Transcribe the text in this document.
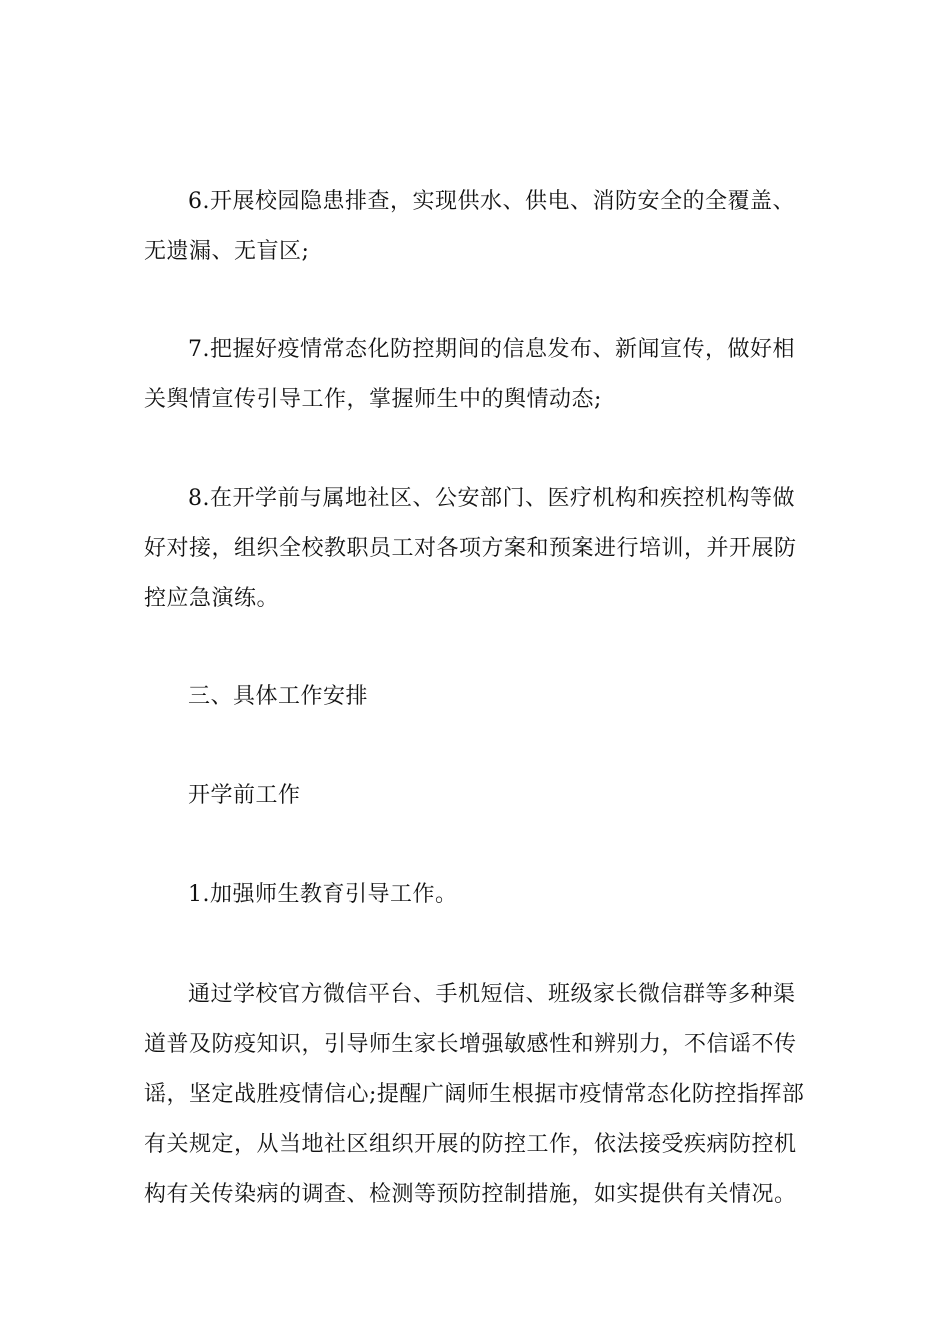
6.开展校园隐患排查，实现供水、供电、消防安全的全覆盖、
无遗漏、无盲区;

7.把握好疫情常态化防控期间的信息发布、新闻宣传，做好相
关舆情宣传引导工作，掌握师生中的舆情动态;

8.在开学前与属地社区、公安部门、医疗机构和疾控机构等做
好对接，组织全校教职员工对各项方案和预案进行培训，并开展防
控应急演练。

三、具体工作安排

开学前工作

1.加强师生教育引导工作。

通过学校官方微信平台、手机短信、班级家长微信群等多种渠
道普及防疫知识，引导师生家长增强敏感性和辨别力，不信谣不传
谣，坚定战胜疫情信心;提醒广阔师生根据市疫情常态化防控指挥部
有关规定，从当地社区组织开展的防控工作，依法接受疾病防控机
构有关传染病的调查、检测等预防控制措施，如实提供有关情况。
